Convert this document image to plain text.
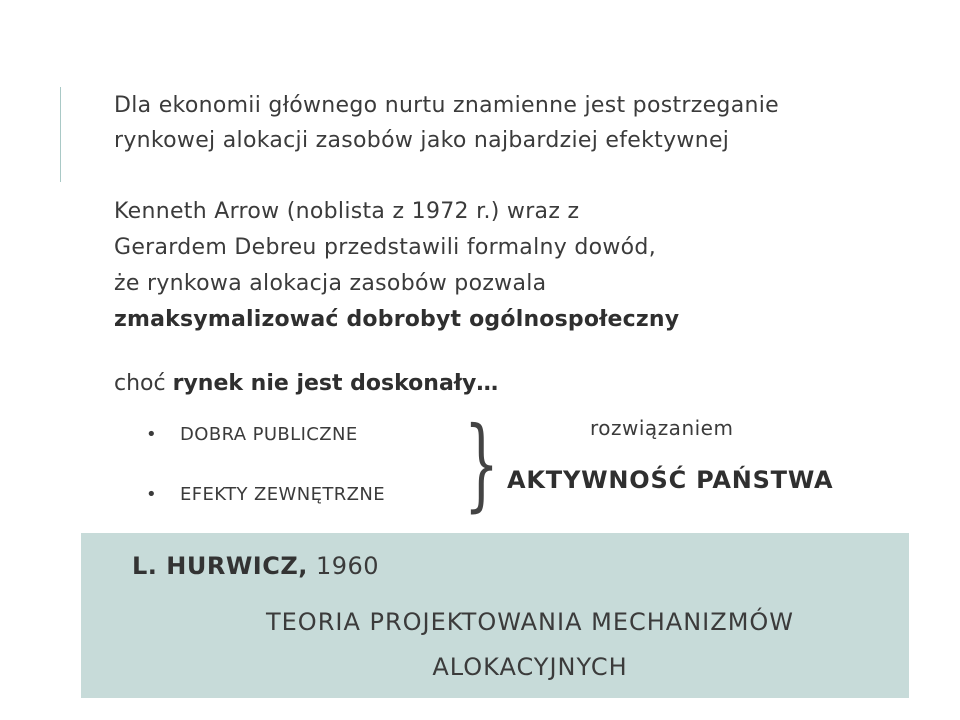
Dla ekonomii głównego nurtu znamienne jest postrzeganie
rynkowej alokacji zasobów jako najbardziej efektywnej
Kenneth Arrow (noblista z 1972 r.) wraz z
Gerardem Debreu przedstawili formalny dowód,
że rynkowa alokacja zasobów pozwala
zmaksymalizować dobrobyt ogólnospołeczny
choć rynek nie jest doskonały…
• DOBRA PUBLICZNE
• EFEKTY ZEWNĘTRZNE }	rozwiązaniem
AKTYWNOŚĆ PAŃSTWA
L. HURWICZ, 1960
TEORIA PROJEKTOWANIA MECHANIZMÓW
ALOKACYJNYCH
